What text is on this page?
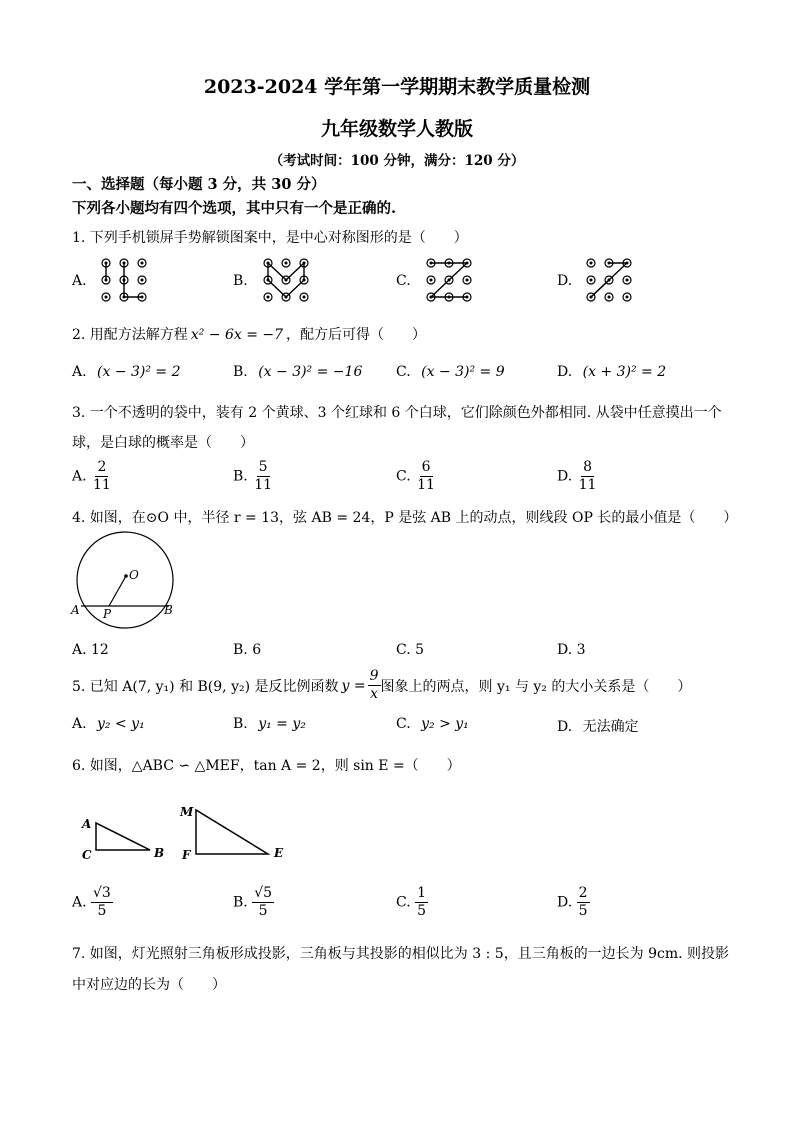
2023-2024 学年第一学期期末教学质量检测
九年级数学人教版
（考试时间：100 分钟，满分：120 分）
一、选择题（每小题 3 分，共 30 分）
下列各小题均有四个选项，其中只有一个是正确的.
1. 下列手机锁屏手势解锁图案中，是中心对称图形的是（　　）
A.	B.	C.	D.
2. 用配方法解方程 x² − 6x = −7 ，配方后可得（　　）
A. (x − 3)² = 2	B. (x − 3)² = −16 C. (x − 3)² = 9	D. (x + 3)² = 2
3. 一个不透明的袋中，装有 2 个黄球、3 个红球和 6 个白球，它们除颜色外都相同. 从袋中任意摸出一个
球，是白球的概率是（　　）
A. $\frac{2}{11}$	B. $\frac{5}{11}$	C. $\frac{6}{11}$	D. $\frac{8}{11}$
4. 如图，在⊙O 中，半径 r = 13，弦 AB = 24，P 是弦 AB 上的动点，则线段 OP 长的最小值是（　　）
O
A P	B
A. 12	B. 6	C. 5	D. 3
5. 已知 A(7, y₁) 和 B(9, y₂) 是反比例函数 $y = \frac{9}{x}$ 图象上的两点，则 y₁ 与 y₂ 的大小关系是（　　）
A. y₂ < y₁	B. y₁ = y₂	C. y₂ > y₁	D. 无法确定
6. 如图，△ABC ∽ △MEF，tan A = 2，则 sin E =（　　）
A
C	B
M
F	E
A. $\frac{√3}{5}$	B. $\frac{√5}{5}$	C. $\frac{1}{5}$	D. $\frac{2}{5}$
7. 如图，灯光照射三角板形成投影，三角板与其投影的相似比为 3 : 5，且三角板的一边长为 9cm. 则投影
中对应边的长为（　　）
